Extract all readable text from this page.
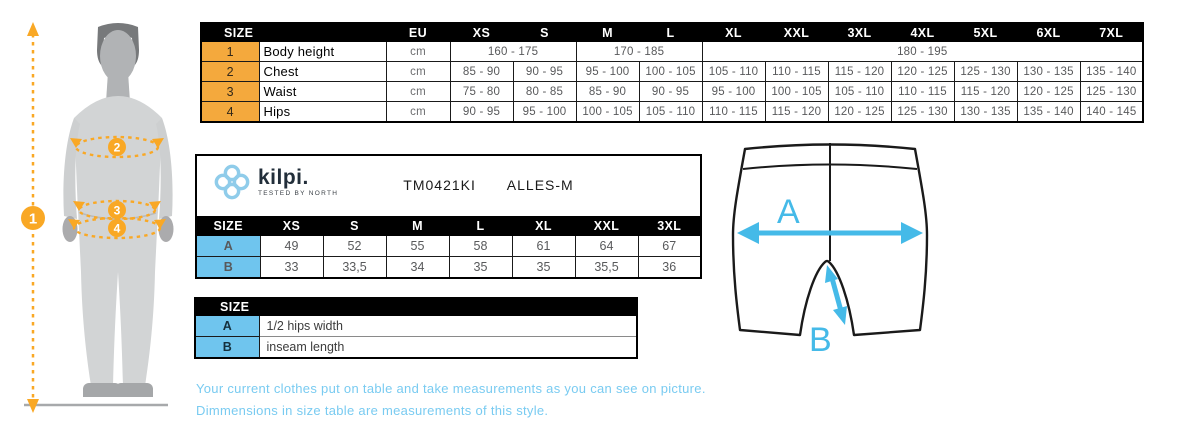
1
2
3
4
SIZE		EU	XS	S	M	L	XL	XXL	3XL	4XL	5XL	6XL	7XL
1	Body height	cm	160 - 175		170 - 185		180 - 195						
2	Chest	cm	85 - 90	90 - 95	95 - 100	100 - 105	105 - 110	110 - 115	115 - 120	120 - 125	125 - 130	130 - 135	135 - 140
3	Waist	cm	75 - 80	80 - 85	85 - 90	90 - 95	95 - 100	100 - 105	105 - 110	110 - 115	115 - 120	120 - 125	125 - 130
4	Hips	cm	90 - 95	95 - 100	100 - 105	105 - 110	110 - 115	115 - 120	120 - 125	125 - 130	130 - 135	135 - 140	140 - 145
kilpi.
TESTED BY NORTH
TM0421KI ALLES-M							

SIZE	XS	S	M	L	XL	XXL	3XL
A	49	52	55	58	61	64	67
B	33	33,5	34	35	35	35,5	36
SIZE	
A	1/2 hips width
B	inseam length
A
B
Your current clothes put on table and take measurements as you can see on picture.
Dimmensions in size table are measurements of this style.
